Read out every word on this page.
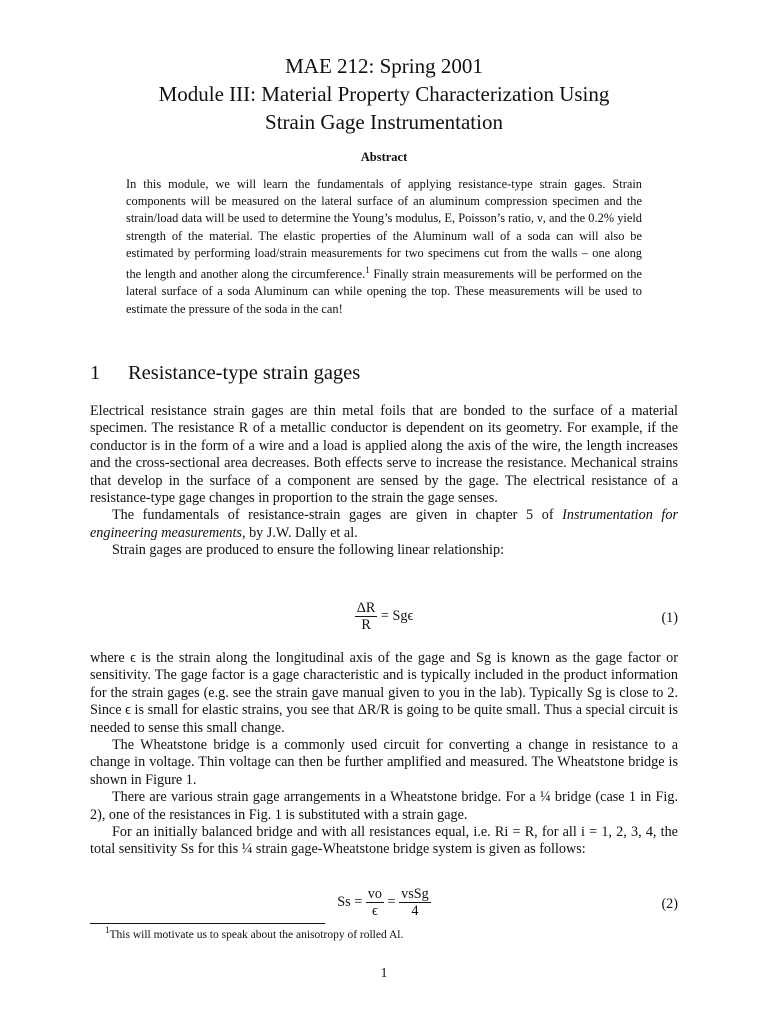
MAE 212: Spring 2001
Module III: Material Property Characterization Using
Strain Gage Instrumentation
Abstract

In this module, we will learn the fundamentals of applying resistance-type strain gages. Strain components will be measured on the lateral surface of an aluminum compression specimen and the strain/load data will be used to determine the Young’s modulus, E, Poisson’s ratio, ν, and the 0.2% yield strength of the material. The elastic properties of the Aluminum wall of a soda can will also be estimated by performing load/strain measurements for two specimens cut from the walls – one along the length and another along the circumference.$^1$ Finally strain measurements will be performed on the lateral surface of a soda Aluminum can while opening the top. These measurements will be used to estimate the pressure of the soda in the can!

1 Resistance-type strain gages

Electrical resistance strain gages are thin metal foils that are bonded to the surface of a material specimen. The resistance R of a metallic conductor is dependent on its geometry. For example, if the conductor is in the form of a wire and a load is applied along the axis of the wire, the length increases and the cross-sectional area decreases. Both effects serve to increase the resistance. Mechanical strains that develop in the surface of a component are sensed by the gage. The electrical resistance of a resistance-type gage changes in proportion to the strain the gage senses.

The fundamentals of resistance-strain gages are given in chapter 5 of Instrumentation for engineering measurements, by J.W. Dally et al.

Strain gages are produced to ensure the following linear relationship:

$\frac{\Delta R}{R} = Sg\epsilon$	(1)

where ϵ is the strain along the longitudinal axis of the gage and Sg is known as the gage factor or sensitivity. The gage factor is a gage characteristic and is typically included in the product information for the strain gages (e.g. see the strain gave manual given to you in the lab). Typically Sg is close to 2. Since ϵ is small for elastic strains, you see that ΔR/R is going to be quite small. Thus a special circuit is needed to sense this small change.

The Wheatstone bridge is a commonly used circuit for converting a change in resistance to a change in voltage. Thin voltage can then be further amplified and measured. The Wheatstone bridge is shown in Figure 1.

There are various strain gage arrangements in a Wheatstone bridge. For a ¼ bridge (case 1 in Fig. 2), one of the resistances in Fig. 1 is substituted with a strain gage.

For an initially balanced bridge and with all resistances equal, i.e. Ri = R, for all i = 1, 2, 3, 4, the total sensitivity Ss for this ¼ strain gage-Wheatstone bridge system is given as follows:

$Ss = \frac{vo}{\epsilon} = \frac{\text{vsSg}}{4}$	(2)
$^1$This will motivate us to speak about the anisotropy of rolled Al.
1
